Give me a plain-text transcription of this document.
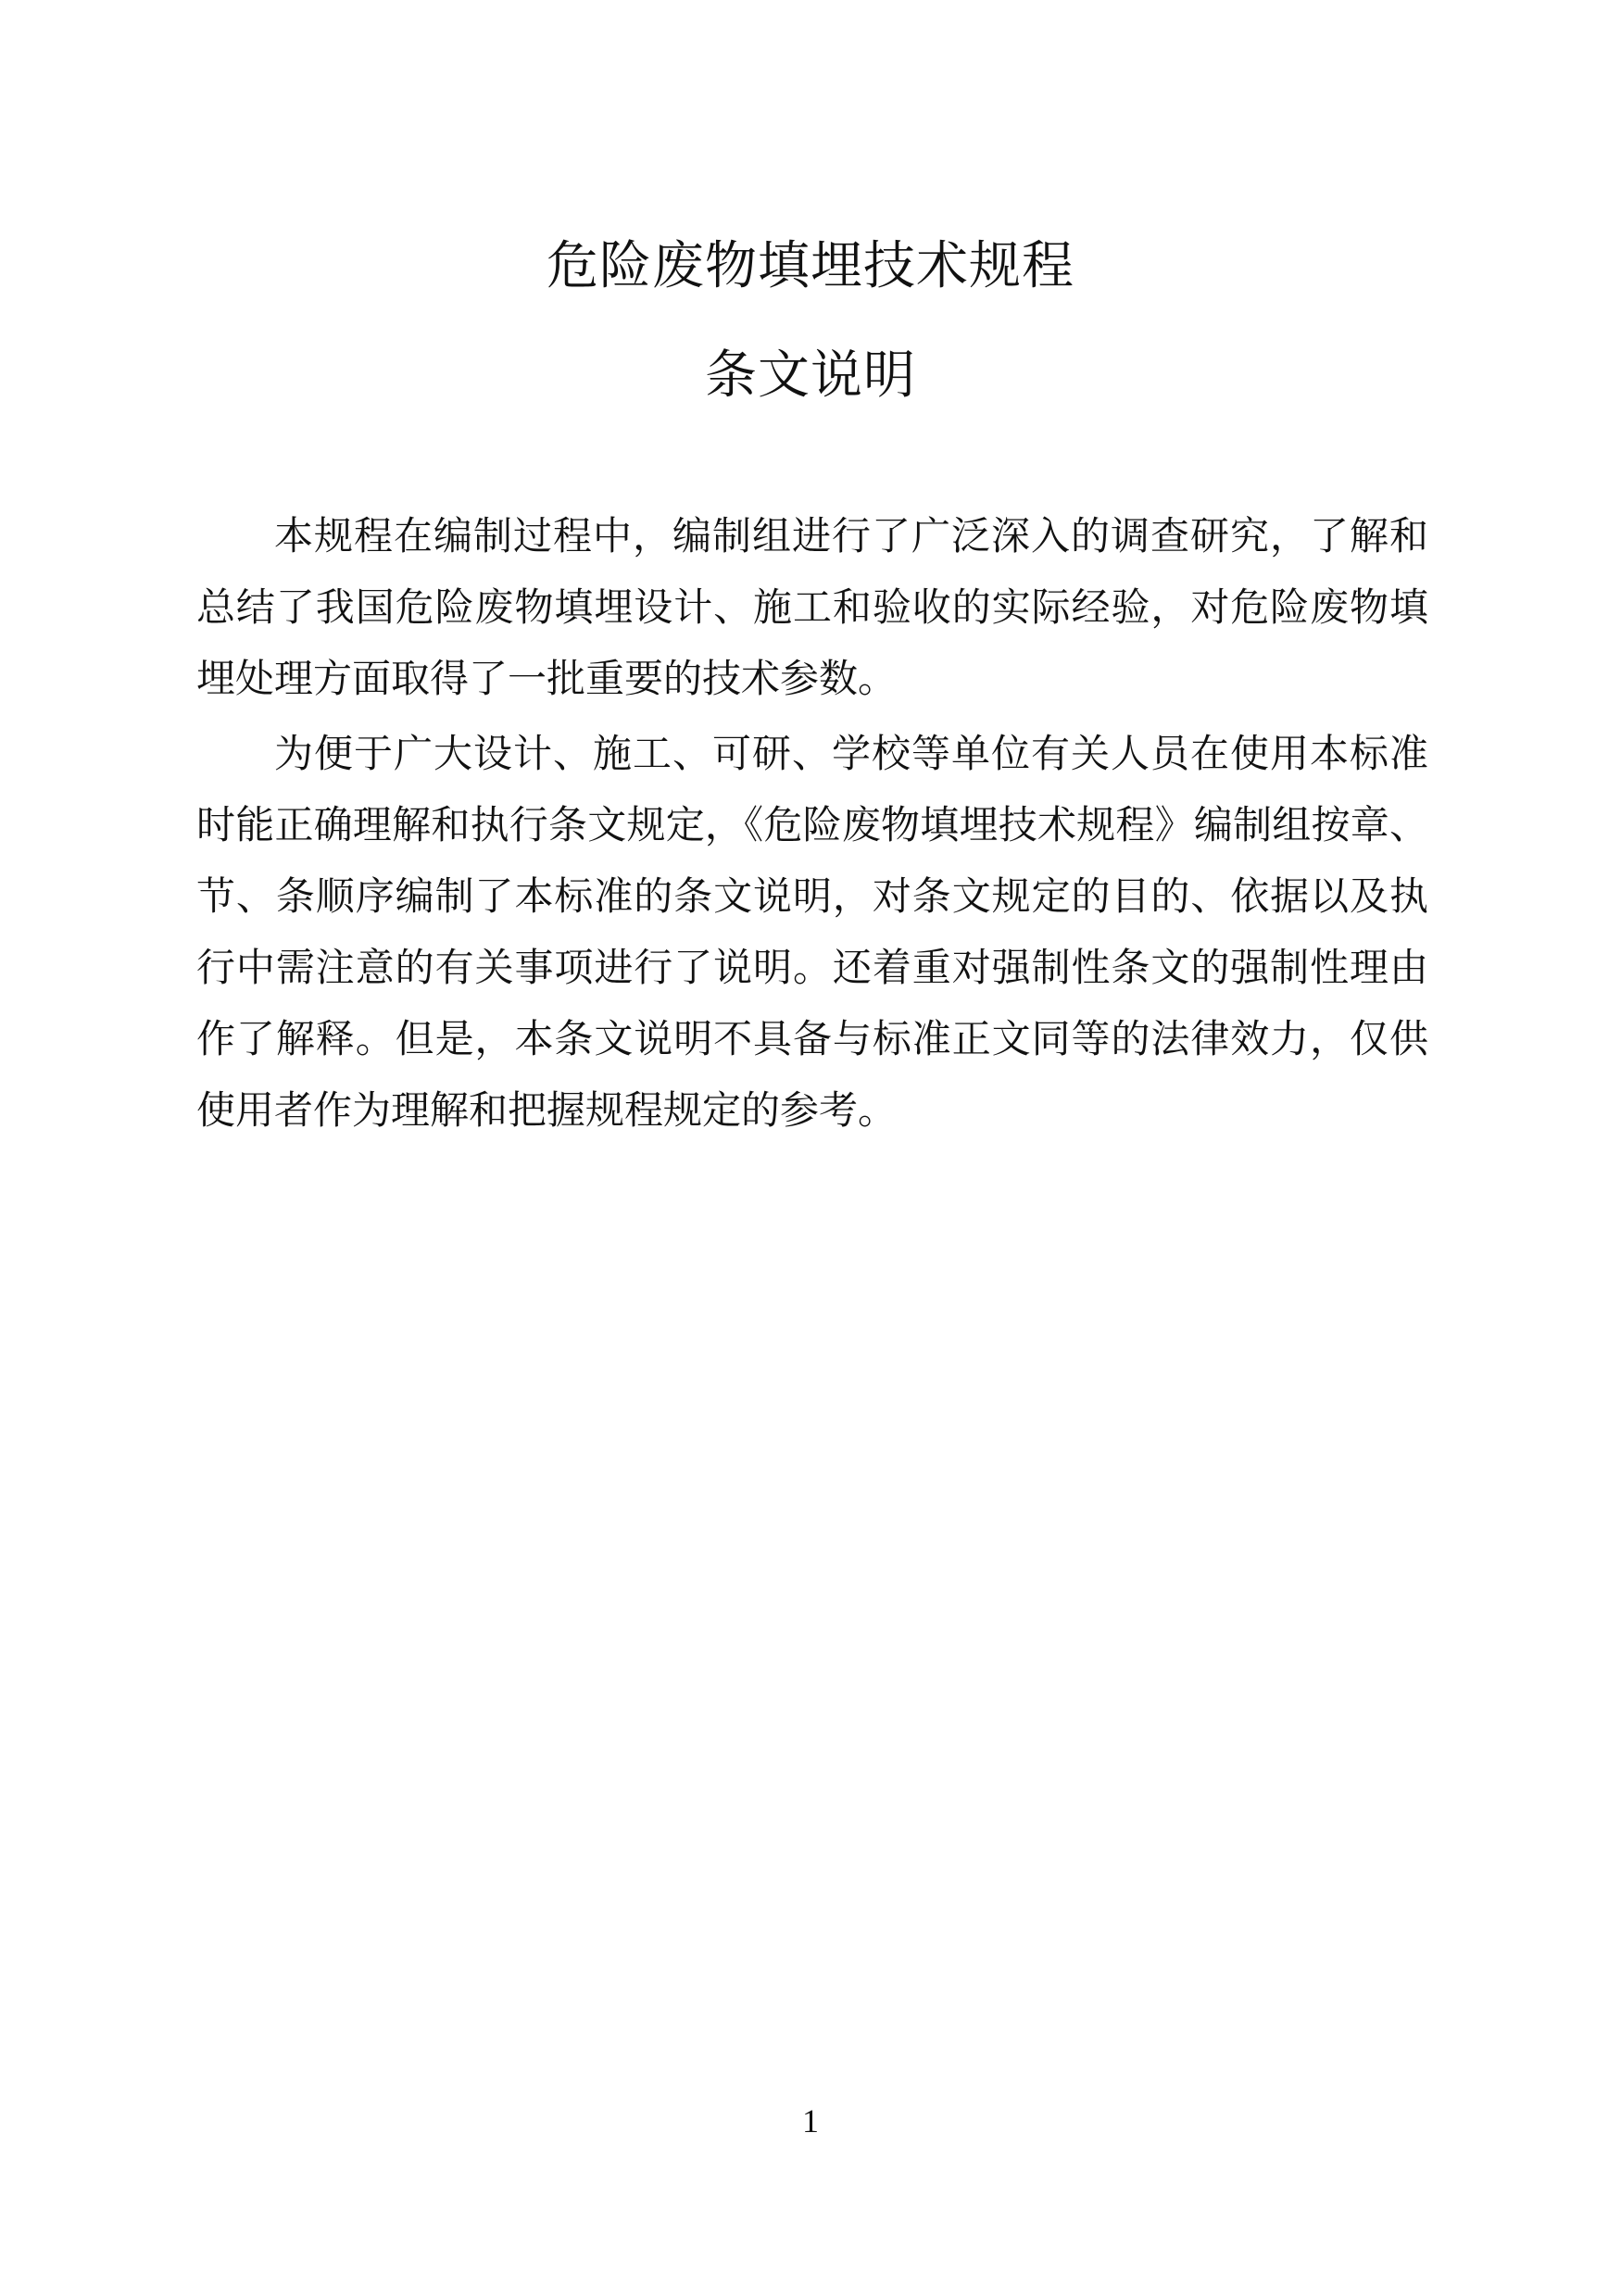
危险废物填埋技术规程
条文说明

本规程在编制过程中，编制组进行了广泛深入的调查研究，了解和总结了我国危险废物填埋设计、施工和验收的实际经验，对危险废物填埋处理方面取得了一批重要的技术参数。

为便于广大设计、施工、可研、学校等单位有关人员在使用本标准时能正确理解和执行条文规定，《危险废物填埋技术规程》编制组按章、节、条顺序编制了本标准的条文说明，对条文规定的目的、依据以及执行中需注意的有关事项进行了说明。还着重对强制性条文的强制性理由作了解释。但是，本条文说明不具备与标准正文同等的法律效力，仅供使用者作为理解和把握规程规定的参考。

1
